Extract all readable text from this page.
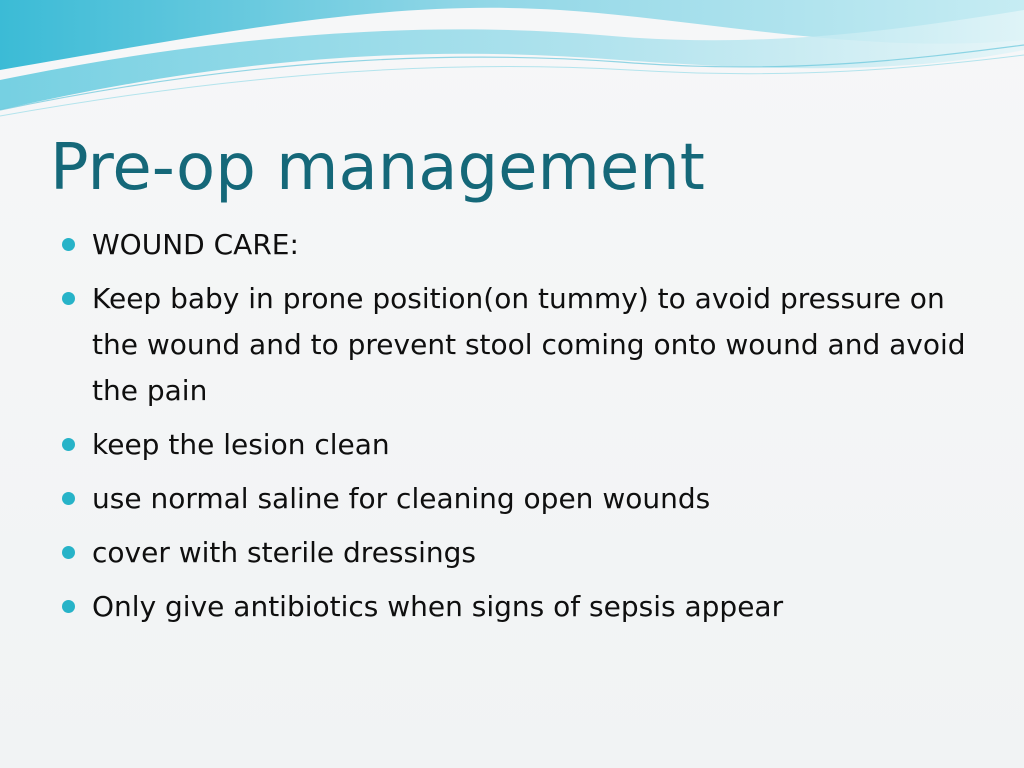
Pre-op management
WOUND CARE:
Keep baby in prone position(on tummy) to avoid pressure on the wound and to prevent stool coming onto wound and avoid the pain
keep the lesion clean
use normal saline for cleaning open wounds
cover with sterile dressings
Only give antibiotics when signs of sepsis appear
